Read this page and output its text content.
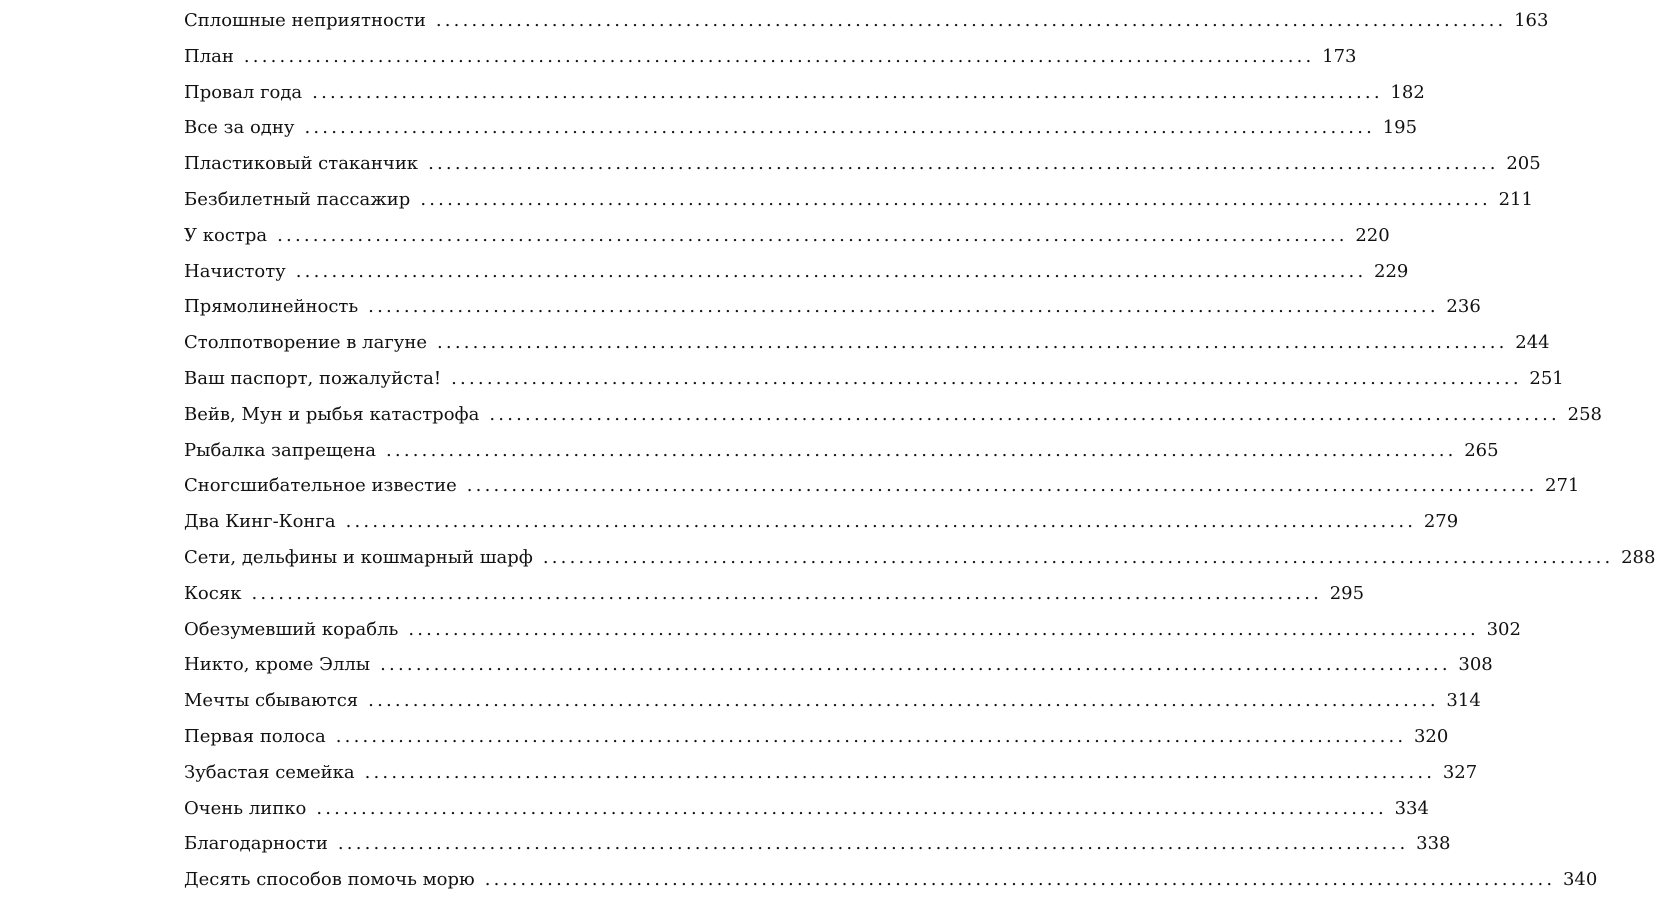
Сплошные неприятности ........................................................................................................................ 163
План ........................................................................................................................ 173
Провал года ........................................................................................................................ 182
Все за одну ........................................................................................................................ 195
Пластиковый стаканчик ........................................................................................................................ 205
Безбилетный пассажир ........................................................................................................................ 211
У костра ........................................................................................................................ 220
Начистоту ........................................................................................................................ 229
Прямолинейность ........................................................................................................................ 236
Столпотворение в лагуне ........................................................................................................................ 244
Ваш паспорт, пожалуйста! ........................................................................................................................ 251
Вейв, Мун и рыбья катастрофа ........................................................................................................................ 258
Рыбалка запрещена ........................................................................................................................ 265
Сногсшибательное известие ........................................................................................................................ 271
Два Кинг-Конга ........................................................................................................................ 279
Сети, дельфины и кошмарный шарф ........................................................................................................................ 288
Косяк ........................................................................................................................ 295
Обезумевший корабль ........................................................................................................................ 302
Никто, кроме Эллы ........................................................................................................................ 308
Мечты сбываются ........................................................................................................................ 314
Первая полоса ........................................................................................................................ 320
Зубастая семейка ........................................................................................................................ 327
Очень липко ........................................................................................................................ 334
Благодарности ........................................................................................................................ 338
Десять способов помочь морю ........................................................................................................................ 340
